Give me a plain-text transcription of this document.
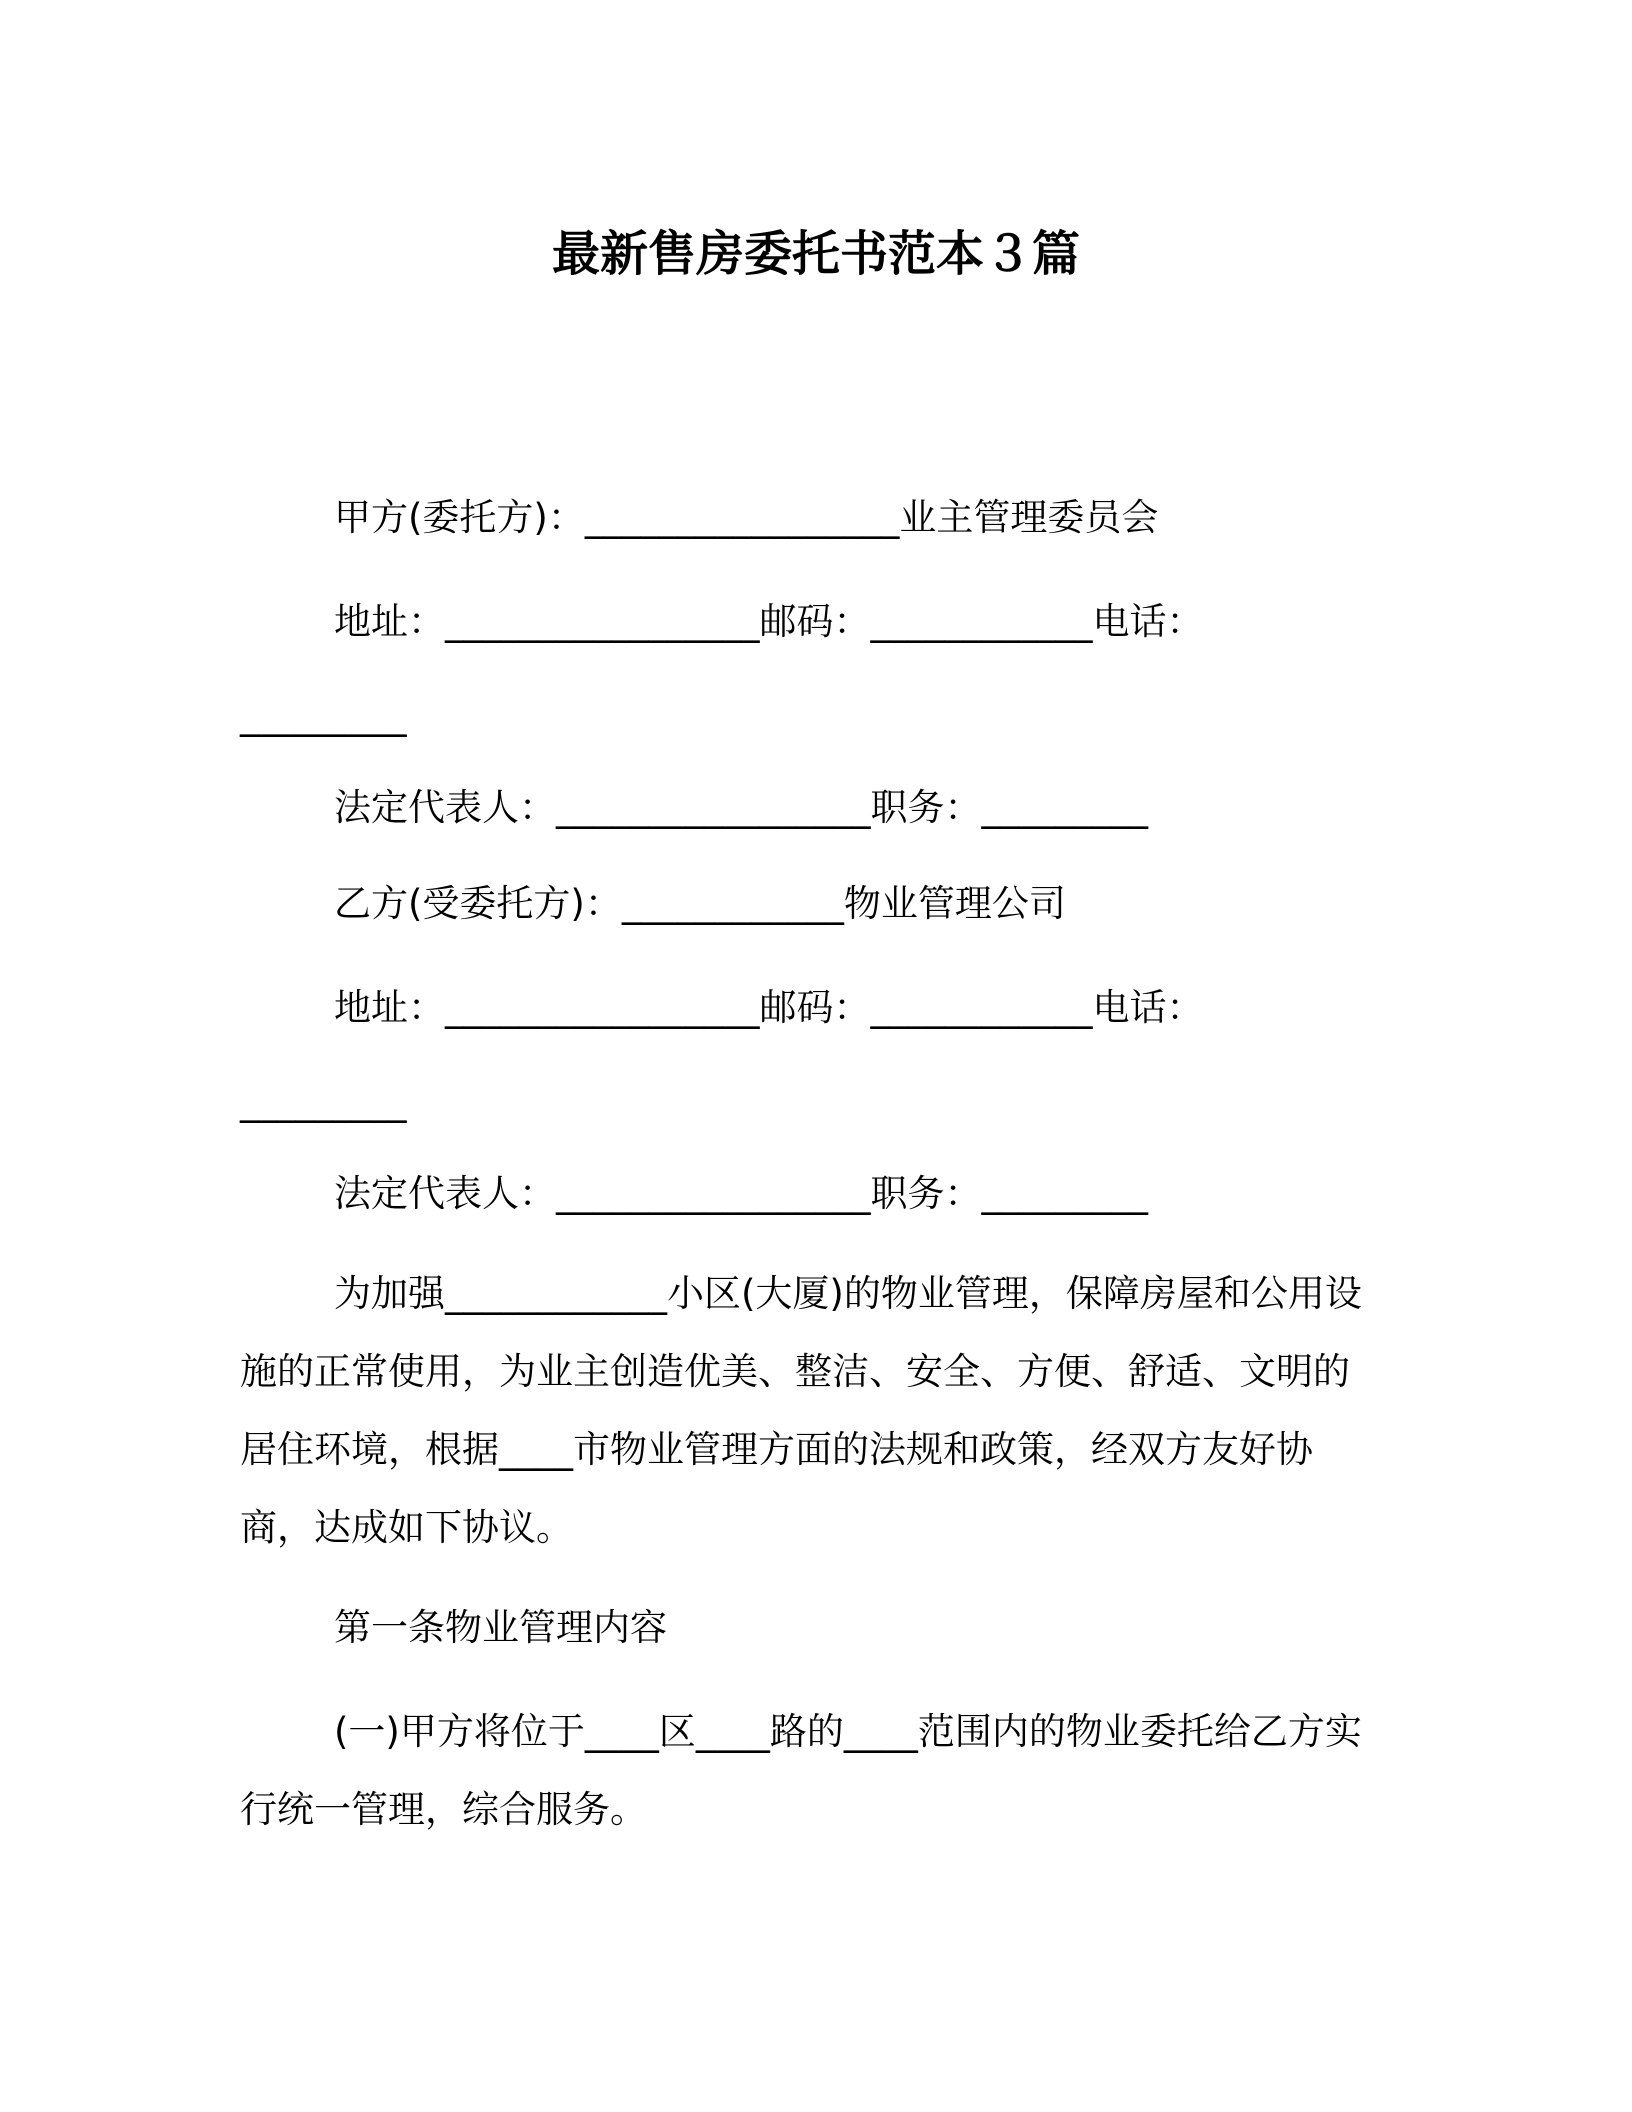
最新售房委托书范本３篇
甲方(委托方)：_________________业主管理委员会
地址：_________________邮码：____________电话：
_________
法定代表人：_________________职务：_________
乙方(受委托方)：____________物业管理公司
地址：_________________邮码：____________电话：
_________
法定代表人：_________________职务：_________
为加强____________小区(大厦)的物业管理，保障房屋和公用设施的正常使用，为业主创造优美、整洁、安全、方便、舒适、文明的居住环境，根据____市物业管理方面的法规和政策，经双方友好协商，达成如下协议。
第一条物业管理内容
(一)甲方将位于____区____路的____范围内的物业委托给乙方实行统一管理，综合服务。
